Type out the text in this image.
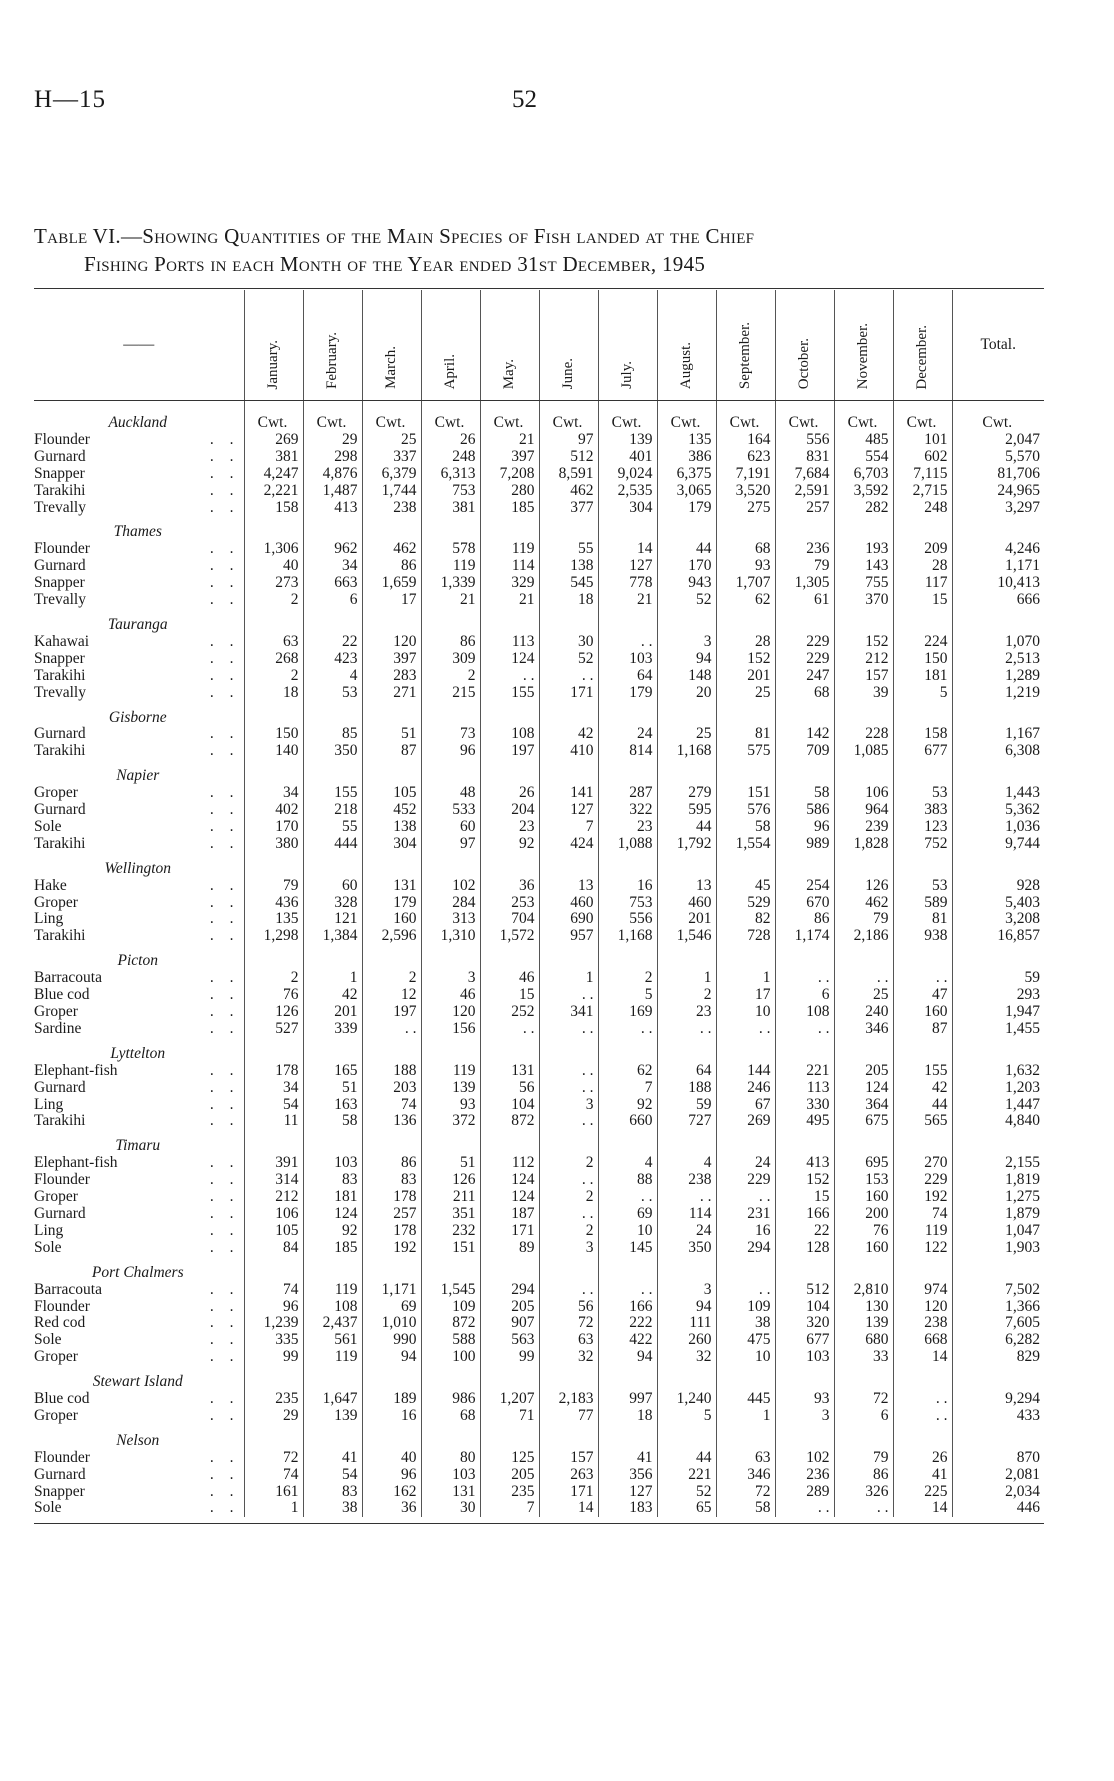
H—15	52
Table VI.—Showing Quantities of the Main Species of Fish landed at the Chief
Fishing Ports in each Month of the Year ended 31st December, 1945
——	January.	February.	March.	April.	May.	June.	July.	August.	September.	October.	November.	December.	Total.
Auckland	Cwt.	Cwt.	Cwt.	Cwt.	Cwt.	Cwt.	Cwt.	Cwt.	Cwt.	Cwt.	Cwt.	Cwt.	Cwt.
Flounder . .	269	29	25	26	21	97	139	135	164	556	485	101	2,047
Gurnard . .	381	298	337	248	397	512	401	386	623	831	554	602	5,570
Snapper . .	4,247	4,876	6,379	6,313	7,208	8,591	9,024	6,375	7,191	7,684	6,703	7,115	81,706
Tarakihi . .	2,221	1,487	1,744	753	280	462	2,535	3,065	3,520	2,591	3,592	2,715	24,965
Trevally . .	158	413	238	381	185	377	304	179	275	257	282	248	3,297
Thames													
Flounder . .	1,306	962	462	578	119	55	14	44	68	236	193	209	4,246
Gurnard . .	40	34	86	119	114	138	127	170	93	79	143	28	1,171
Snapper . .	273	663	1,659	1,339	329	545	778	943	1,707	1,305	755	117	10,413
Trevally . .	2	6	17	21	21	18	21	52	62	61	370	15	666
Tauranga													
Kahawai . .	63	22	120	86	113	30	. .	3	28	229	152	224	1,070
Snapper . .	268	423	397	309	124	52	103	94	152	229	212	150	2,513
Tarakihi . .	2	4	283	2	. .	. .	64	148	201	247	157	181	1,289
Trevally . .	18	53	271	215	155	171	179	20	25	68	39	5	1,219
Gisborne													
Gurnard . .	150	85	51	73	108	42	24	25	81	142	228	158	1,167
Tarakihi . .	140	350	87	96	197	410	814	1,168	575	709	1,085	677	6,308
Napier													
Groper . .	34	155	105	48	26	141	287	279	151	58	106	53	1,443
Gurnard . .	402	218	452	533	204	127	322	595	576	586	964	383	5,362
Sole . .	170	55	138	60	23	7	23	44	58	96	239	123	1,036
Tarakihi . .	380	444	304	97	92	424	1,088	1,792	1,554	989	1,828	752	9,744
Wellington													
Hake . .	79	60	131	102	36	13	16	13	45	254	126	53	928
Groper . .	436	328	179	284	253	460	753	460	529	670	462	589	5,403
Ling . .	135	121	160	313	704	690	556	201	82	86	79	81	3,208
Tarakihi . .	1,298	1,384	2,596	1,310	1,572	957	1,168	1,546	728	1,174	2,186	938	16,857
Picton													
Barracouta . .	2	1	2	3	46	1	2	1	1	. .	. .	. .	59
Blue cod . .	76	42	12	46	15	. .	5	2	17	6	25	47	293
Groper . .	126	201	197	120	252	341	169	23	10	108	240	160	1,947
Sardine . .	527	339	. .	156	. .	. .	. .	. .	. .	. .	346	87	1,455
Lyttelton													
Elephant-fish . .	178	165	188	119	131	. .	62	64	144	221	205	155	1,632
Gurnard . .	34	51	203	139	56	. .	7	188	246	113	124	42	1,203
Ling . .	54	163	74	93	104	3	92	59	67	330	364	44	1,447
Tarakihi . .	11	58	136	372	872	. .	660	727	269	495	675	565	4,840
Timaru													
Elephant-fish . .	391	103	86	51	112	2	4	4	24	413	695	270	2,155
Flounder . .	314	83	83	126	124	. .	88	238	229	152	153	229	1,819
Groper . .	212	181	178	211	124	2	. .	. .	. .	15	160	192	1,275
Gurnard . .	106	124	257	351	187	. .	69	114	231	166	200	74	1,879
Ling . .	105	92	178	232	171	2	10	24	16	22	76	119	1,047
Sole . .	84	185	192	151	89	3	145	350	294	128	160	122	1,903
Port Chalmers													
Barracouta . .	74	119	1,171	1,545	294	. .	. .	3	. .	512	2,810	974	7,502
Flounder . .	96	108	69	109	205	56	166	94	109	104	130	120	1,366
Red cod . .	1,239	2,437	1,010	872	907	72	222	111	38	320	139	238	7,605
Sole . .	335	561	990	588	563	63	422	260	475	677	680	668	6,282
Groper . .	99	119	94	100	99	32	94	32	10	103	33	14	829
Stewart Island													
Blue cod . .	235	1,647	189	986	1,207	2,183	997	1,240	445	93	72	. .	9,294
Groper . .	29	139	16	68	71	77	18	5	1	3	6	. .	433
Nelson													
Flounder . .	72	41	40	80	125	157	41	44	63	102	79	26	870
Gurnard . .	74	54	96	103	205	263	356	221	346	236	86	41	2,081
Snapper . .	161	83	162	131	235	171	127	52	72	289	326	225	2,034
Sole . .	1	38	36	30	7	14	183	65	58	. .	. .	14	446
